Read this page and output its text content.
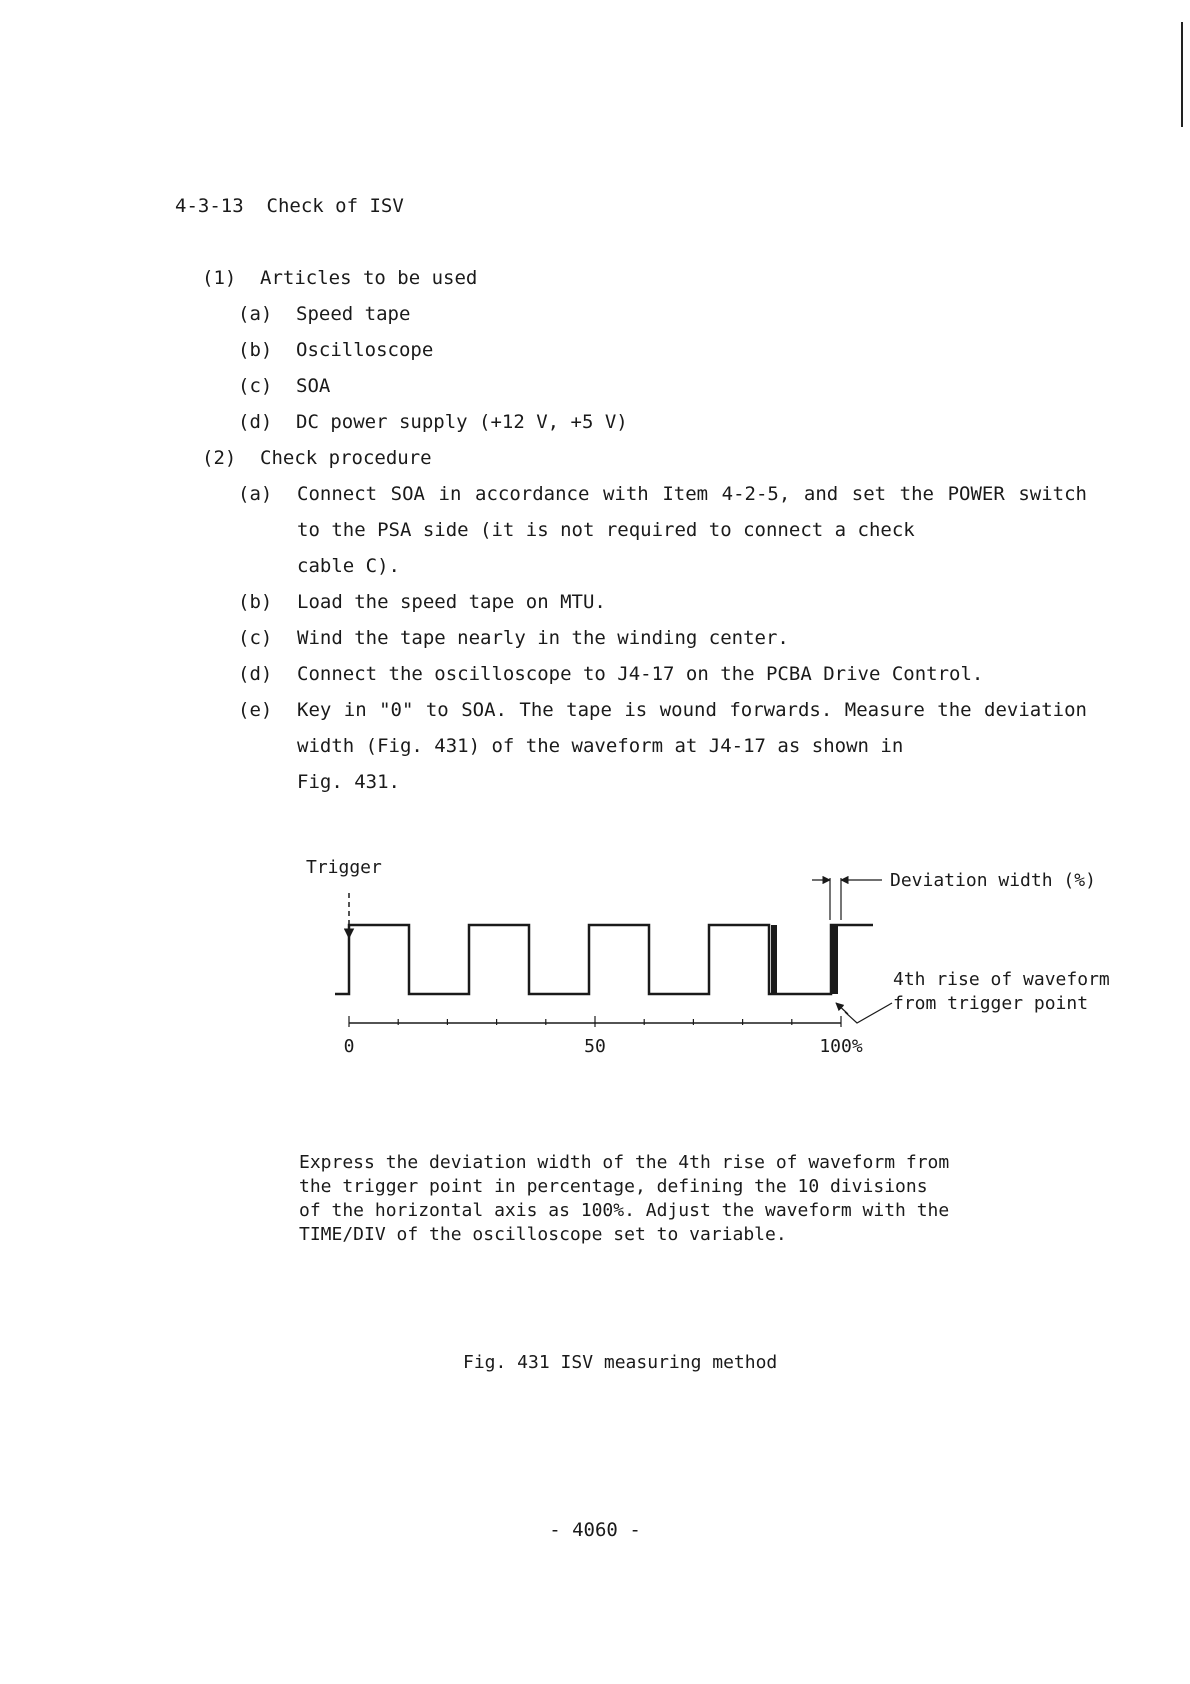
4-3-13 Check of ISV
(1) Articles to be used
(a) Speed tape
(b) Oscilloscope
(c) SOA
(d) DC power supply (+12 V, +5 V)
(2) Check procedure
(a) Connect SOA in accordance with Item 4-2-5, and set the POWER switch to the PSA side (it is not required to connect a check
cable C).
(b) Load the speed tape on MTU.
(c) Wind the tape nearly in the winding center.
(d) Connect the oscilloscope to J4-17 on the PCBA Drive Control.
(e) Key in "0" to SOA. The tape is wound forwards. Measure the deviation width (Fig. 431) of the waveform at J4-17 as shown in
Fig. 431.
Trigger
Deviation width (%)
4th rise of waveform
from trigger point
0	50	100%
Express the deviation width of the 4th rise of waveform from the trigger point in percentage, defining the 10 divisions of the horizontal axis as 100%. Adjust the waveform with the TIME/DIV of the oscilloscope set to variable.
Fig. 431 ISV measuring method
- 4060 -
